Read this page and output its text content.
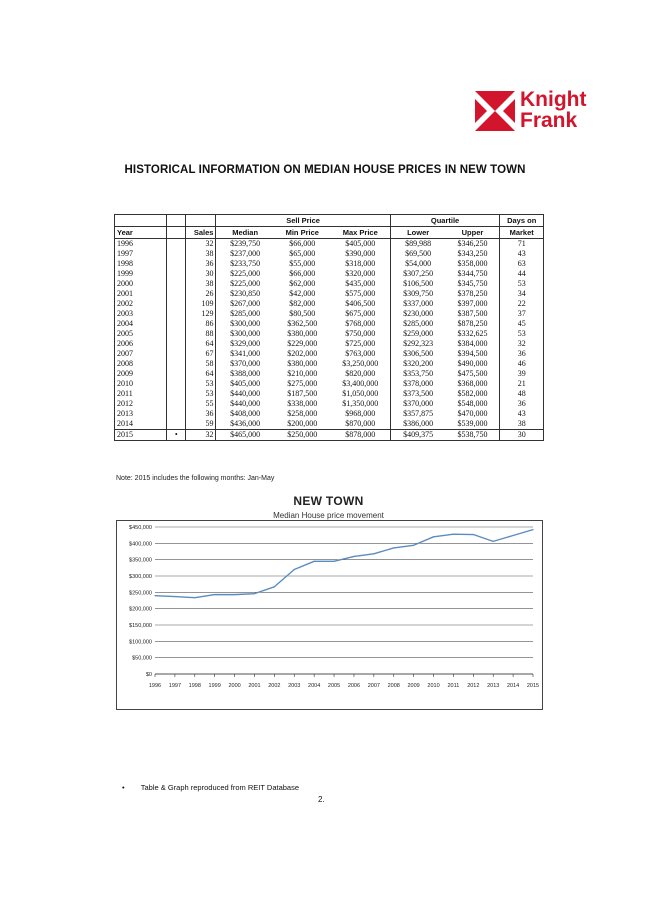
Knight
Frank
HISTORICAL INFORMATION ON MEDIAN HOUSE PRICES IN NEW TOWN
			Sell Price			Quartile		Days on
Year		Sales	Median	Min Price	Max Price	Lower	Upper	Market
1996		32	$239,750	$66,000	$405,000	$89,988	$346,250	71
1997		38	$237,000	$65,000	$390,000	$69,500	$343,250	43
1998		36	$233,750	$55,000	$318,000	$54,000	$358,000	63
1999		30	$225,000	$66,000	$320,000	$307,250	$344,750	44
2000		38	$225,000	$62,000	$435,000	$106,500	$345,750	53
2001		26	$230,850	$42,000	$575,000	$309,750	$378,250	34
2002		109	$267,000	$82,000	$406,500	$337,000	$397,000	22
2003		129	$285,000	$80,500	$675,000	$230,000	$387,500	37
2004		86	$300,000	$362,500	$768,000	$285,000	$878,250	45
2005		88	$300,000	$380,000	$750,000	$259,000	$332,625	53
2006		64	$329,000	$229,000	$725,000	$292,323	$384,000	32
2007		67	$341,000	$202,000	$763,000	$306,500	$394,500	36
2008		58	$370,000	$380,000	$3,250,000	$320,200	$490,000	46
2009		64	$388,000	$210,000	$820,000	$353,750	$475,500	39
2010		53	$405,000	$275,000	$3,400,000	$378,000	$368,000	21
2011		53	$440,000	$187,500	$1,050,000	$373,500	$582,000	48
2012		55	$440,000	$338,000	$1,350,000	$370,000	$548,000	36
2013		36	$408,000	$258,000	$968,000	$357,875	$470,000	43
2014		59	$436,000	$200,000	$870,000	$386,000	$539,000	38
2015	•	32	$465,000	$250,000	$878,000	$409,375	$538,750	30
Note: 2015 includes the following months: Jan-May
NEW TOWN
Median House price movement
$0
$50,000
$100,000
$150,000
$200,000
$250,000
$300,000
$350,000
$400,000
$450,000
1996 1997 1998 1999 2000 2001 2002 2003 2004 2005 2006 2007 2008 2009 2010 2011 2012 2013 2014 2015
• Table & Graph reproduced from REIT Database
2.
